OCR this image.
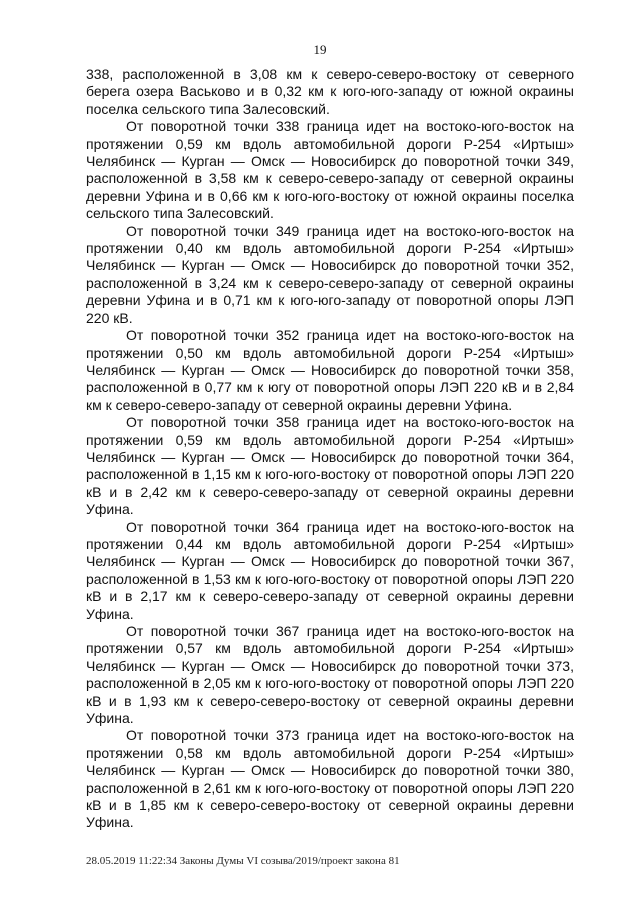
19

338, расположенной в 3,08 км к северо-северо-востоку от северного берега озера Васьково и в 0,32 км к юго-юго-западу от южной окраины поселка сельского типа Залесовский.

От поворотной точки 338 граница идет на востоко-юго-восток на протяжении 0,59 км вдоль автомобильной дороги Р-254 «Иртыш» Челябинск — Курган — Омск — Новосибирск до поворотной точки 349, расположенной в 3,58 км к северо-северо-западу от северной окраины деревни Уфина и в 0,66 км к юго-юго-востоку от южной окраины поселка сельского типа Залесовский.

От поворотной точки 349 граница идет на востоко-юго-восток на протяжении 0,40 км вдоль автомобильной дороги Р-254 «Иртыш» Челябинск — Курган — Омск — Новосибирск до поворотной точки 352, расположенной в 3,24 км к северо-северо-западу от северной окраины деревни Уфина и в 0,71 км к юго-юго-западу от поворотной опоры ЛЭП 220 кВ.

От поворотной точки 352 граница идет на востоко-юго-восток на протяжении 0,50 км вдоль автомобильной дороги Р-254 «Иртыш» Челябинск — Курган — Омск — Новосибирск до поворотной точки 358, расположенной в 0,77 км к югу от поворотной опоры ЛЭП 220 кВ и в 2,84 км к северо-северо-западу от северной окраины деревни Уфина.

От поворотной точки 358 граница идет на востоко-юго-восток на протяжении 0,59 км вдоль автомобильной дороги Р-254 «Иртыш» Челябинск — Курган — Омск — Новосибирск до поворотной точки 364, расположенной в 1,15 км к юго-юго-востоку от поворотной опоры ЛЭП 220 кВ и в 2,42 км к северо-северо-западу от северной окраины деревни Уфина.

От поворотной точки 364 граница идет на востоко-юго-восток на протяжении 0,44 км вдоль автомобильной дороги Р-254 «Иртыш» Челябинск — Курган — Омск — Новосибирск до поворотной точки 367, расположенной в 1,53 км к юго-юго-востоку от поворотной опоры ЛЭП 220 кВ и в 2,17 км к северо-северо-западу от северной окраины деревни Уфина.

От поворотной точки 367 граница идет на востоко-юго-восток на протяжении 0,57 км вдоль автомобильной дороги Р-254 «Иртыш» Челябинск — Курган — Омск — Новосибирск до поворотной точки 373, расположенной в 2,05 км к юго-юго-востоку от поворотной опоры ЛЭП 220 кВ и в 1,93 км к северо-северо-востоку от северной окраины деревни Уфина.

От поворотной точки 373 граница идет на востоко-юго-восток на протяжении 0,58 км вдоль автомобильной дороги Р-254 «Иртыш» Челябинск — Курган — Омск — Новосибирск до поворотной точки 380, расположенной в 2,61 км к юго-юго-востоку от поворотной опоры ЛЭП 220 кВ и в 1,85 км к северо-северо-востоку от северной окраины деревни Уфина.

28.05.2019 11:22:34 Законы Думы VI созыва/2019/проект закона 81
